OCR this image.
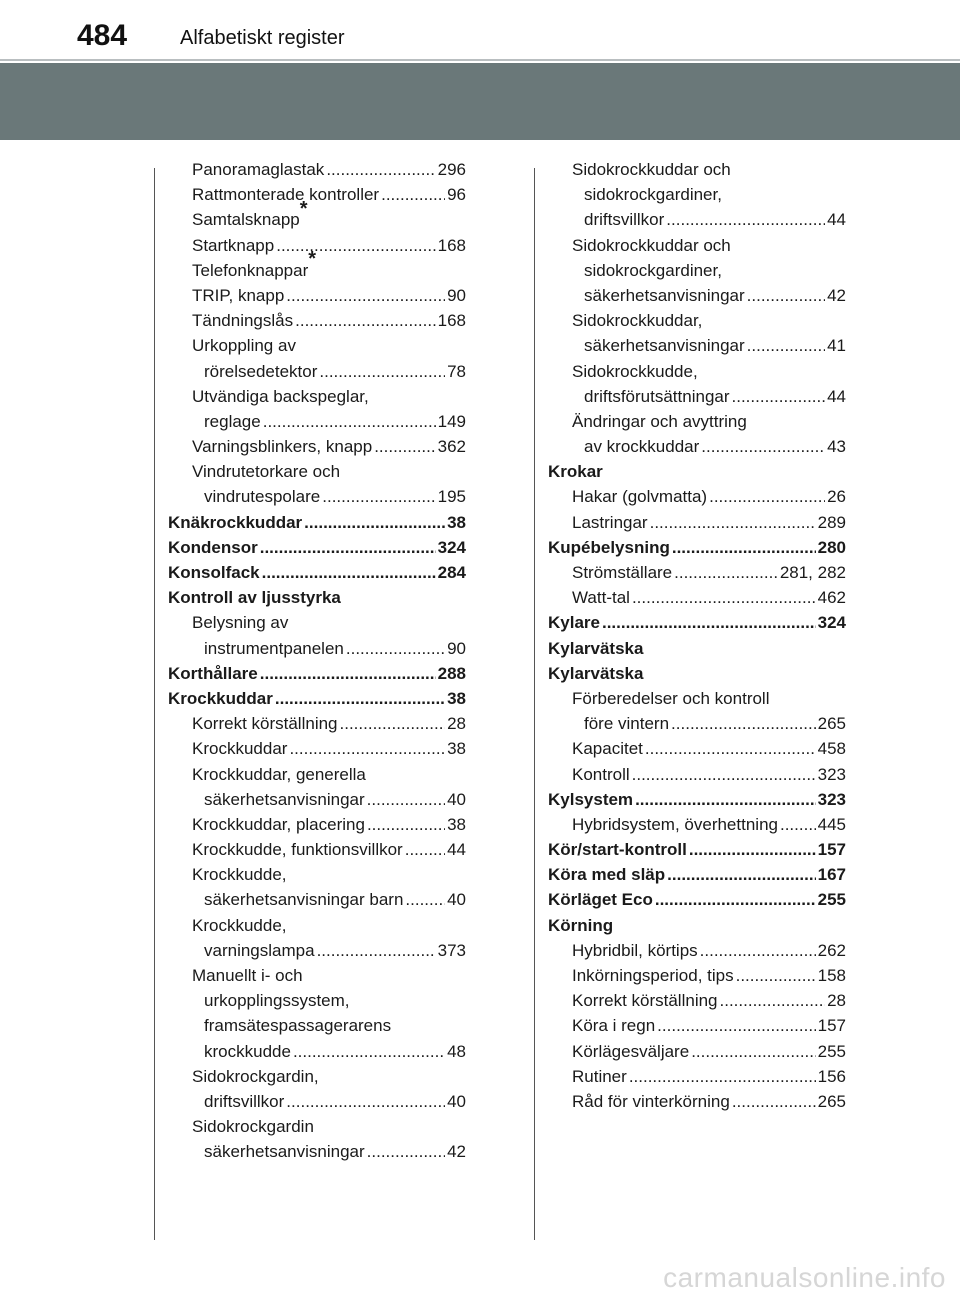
484	Alfabetiskt register
Panoramaglastak .....	296
Rattmonterade kontroller .....	96
Samtalsknapp*
Startknapp .....	168
Telefonknappar*
TRIP, knapp .....	90
Tändningslås .....	168
Urkoppling av
rörelsedetektor .....	78
Utvändiga backspeglar,
reglage .....	149
Varningsblinkers, knapp .....	362
Vindrutetorkare och
vindrutespolare .....	195
Knäkrockkuddar .....	38
Kondensor .....	324
Konsolfack .....	284
Kontroll av ljusstyrka
Belysning av
instrumentpanelen .....	90
Korthållare .....	288
Krockkuddar .....	38
Korrekt körställning .....	28
Krockkuddar .....	38
Krockkuddar, generella
säkerhetsanvisningar .....	40
Krockkuddar, placering .....	38
Krockkudde, funktionsvillkor .....	44
Krockkudde,
säkerhetsanvisningar barn .....	40
Krockkudde,
varningslampa .....	373
Manuellt i- och
urkopplingssystem,
framsätespassagerarens
krockkudde .....	48
Sidokrockgardin,
driftsvillkor .....	40
Sidokrockgardin
säkerhetsanvisningar .....	42
Sidokrockkuddar och
sidokrockgardiner,
driftsvillkor .....	44
Sidokrockkuddar och
sidokrockgardiner,
säkerhetsanvisningar .....	42
Sidokrockkuddar,
säkerhetsanvisningar .....	41
Sidokrockkudde,
driftsförutsättningar .....	44
Ändringar och avyttring
av krockkuddar .....	43
Krokar
Hakar (golvmatta) .....	26
Lastringar .....	289
Kupébelysning .....	280
Strömställare .....	281, 282
Watt-tal .....	462
Kylare .....	324
Kylarvätska
Kylarvätska
Förberedelser och kontroll
före vintern .....	265
Kapacitet .....	458
Kontroll .....	323
Kylsystem .....	323
Hybridsystem, överhettning ..... 445
Kör/start-kontroll .....	157
Köra med släp .....	167
Körläget Eco .....	255
Körning
Hybridbil, körtips .....	262
Inkörningsperiod, tips .....	158
Korrekt körställning .....	28
Köra i regn .....	157
Körlägesväljare .....	255
Rutiner .....	156
Råd för vinterkörning .....	265
carmanualsonline.info
